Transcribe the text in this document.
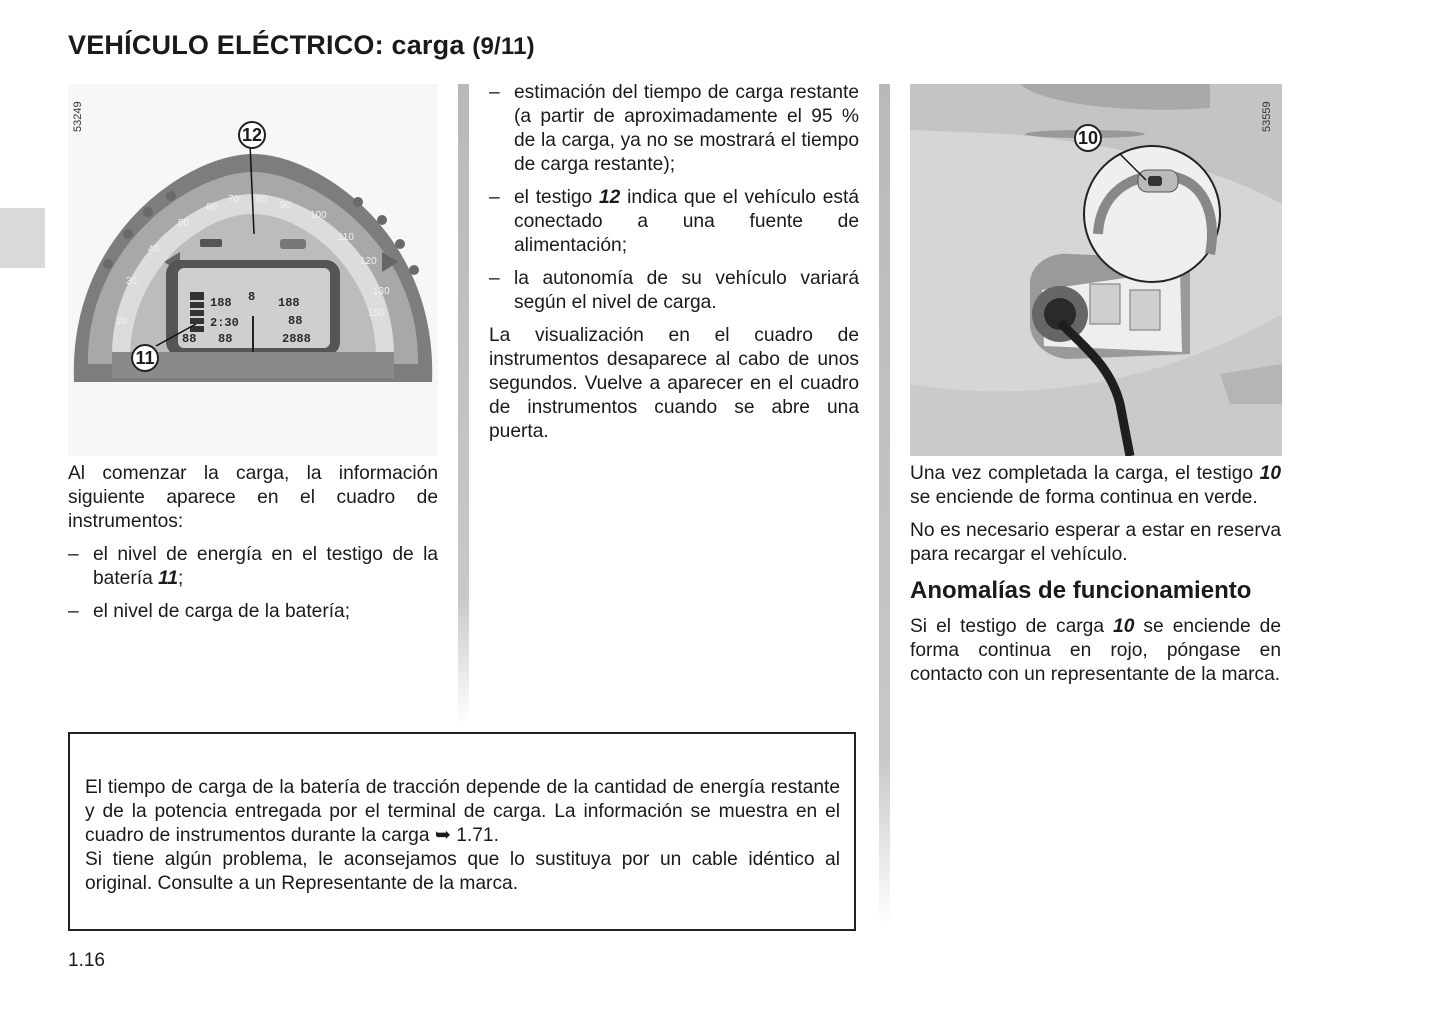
VEHÍCULO ELÉCTRICO: carga (9/11)
20
30
40
50
60
70 80
90
100
110
120
130
150
188 8 188
2:30	88
88 88	2888
12
11
53249
10
53559

Al comenzar la carga, la información siguiente aparece en el cuadro de instrumentos:

– el nivel de energía en el testigo de la batería 11;
– el nivel de carga de la batería;
– estimación del tiempo de carga restante (a partir de aproximadamente el 95 % de la carga, ya no se mostrará el tiempo de carga restante);
– el testigo 12 indica que el vehículo está conectado a una fuente de alimentación;
– la autonomía de su vehículo variará según el nivel de carga.

La visualización en el cuadro de instrumentos desaparece al cabo de unos segundos. Vuelve a aparecer en el cuadro de instrumentos cuando se abre una puerta.

Una vez completada la carga, el testigo 10 se enciende de forma continua en verde.

No es necesario esperar a estar en reserva para recargar el vehículo.

Anomalías de funcionamiento

Si el testigo de carga 10 se enciende de forma continua en rojo, póngase en contacto con un representante de la marca.

El tiempo de carga de la batería de tracción depende de la cantidad de energía restante y de la potencia entregada por el terminal de carga. La información se muestra en el cuadro de instrumentos durante la carga ➥ 1.71.

Si tiene algún problema, le aconsejamos que lo sustituya por un cable idéntico al original. Consulte a un Representante de la marca.

1.16
